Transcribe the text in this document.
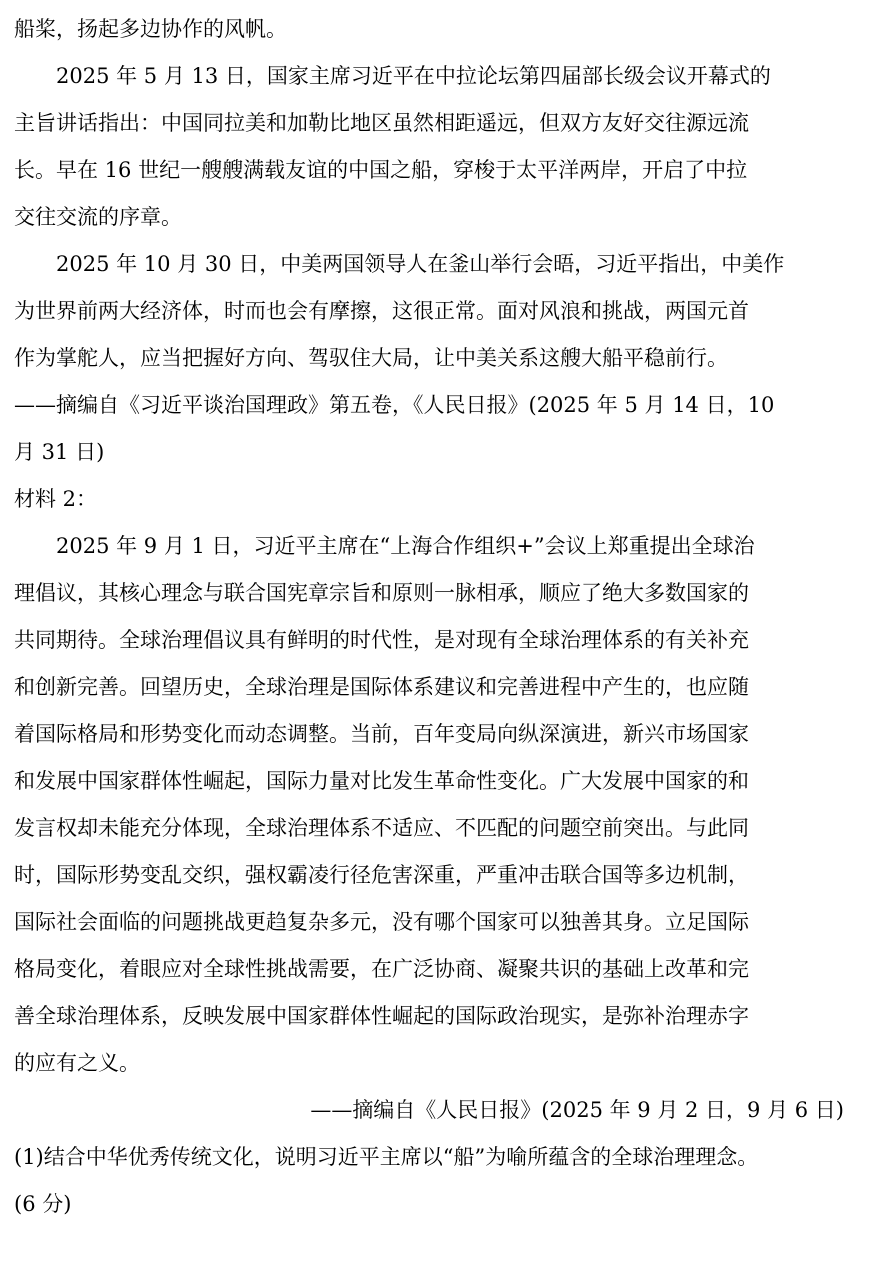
船桨，扬起多边协作的风帆。
2025 年 5 月 13 日，国家主席习近平在中拉论坛第四届部长级会议开幕式的
主旨讲话指出：中国同拉美和加勒比地区虽然相距遥远，但双方友好交往源远流
长。早在 16 世纪一艘艘满载友谊的中国之船，穿梭于太平洋两岸，开启了中拉
交往交流的序章。
2025 年 10 月 30 日，中美两国领导人在釜山举行会晤，习近平指出，中美作
为世界前两大经济体，时而也会有摩擦，这很正常。面对风浪和挑战，两国元首
作为掌舵人，应当把握好方向、驾驭住大局，让中美关系这艘大船平稳前行。
——摘编自《习近平谈治国理政》第五卷，《人民日报》(2025 年 5 月 14 日，10
月 31 日)
材料 2：
2025 年 9 月 1 日，习近平主席在“上海合作组织+”会议上郑重提出全球治
理倡议，其核心理念与联合国宪章宗旨和原则一脉相承，顺应了绝大多数国家的
共同期待。全球治理倡议具有鲜明的时代性，是对现有全球治理体系的有关补充
和创新完善。回望历史，全球治理是国际体系建议和完善进程中产生的，也应随
着国际格局和形势变化而动态调整。当前，百年变局向纵深演进，新兴市场国家
和发展中国家群体性崛起，国际力量对比发生革命性变化。广大发展中国家的和
发言权却未能充分体现，全球治理体系不适应、不匹配的问题空前突出。与此同
时，国际形势变乱交织，强权霸凌行径危害深重，严重冲击联合国等多边机制，
国际社会面临的问题挑战更趋复杂多元，没有哪个国家可以独善其身。立足国际
格局变化，着眼应对全球性挑战需要，在广泛协商、凝聚共识的基础上改革和完
善全球治理体系，反映发展中国家群体性崛起的国际政治现实，是弥补治理赤字
的应有之义。
——摘编自《人民日报》(2025 年 9 月 2 日，9 月 6 日)
(1)结合中华优秀传统文化，说明习近平主席以“船”为喻所蕴含的全球治理理念。
(6 分)
